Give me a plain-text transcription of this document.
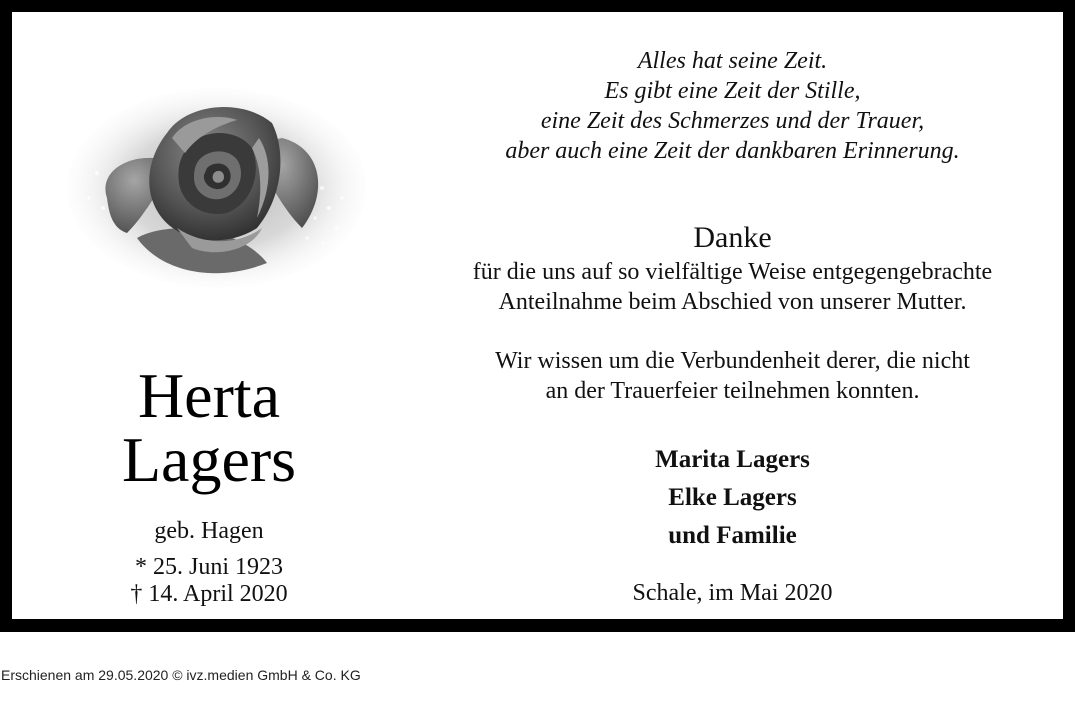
Herta
Lagers
geb. Hagen
* 25. Juni 1923
† 14. April 2020
Alles hat seine Zeit.
Es gibt eine Zeit der Stille,
eine Zeit des Schmerzes und der Trauer,
aber auch eine Zeit der dankbaren Erinnerung.
Danke
für die uns auf so vielfältige Weise entgegengebrachte
Anteilnahme beim Abschied von unserer Mutter.
Wir wissen um die Verbundenheit derer, die nicht
an der Trauerfeier teilnehmen konnten.
Marita Lagers
Elke Lagers
und Familie
Schale, im Mai 2020
Erschienen am 29.05.2020 © ivz.medien GmbH & Co. KG
